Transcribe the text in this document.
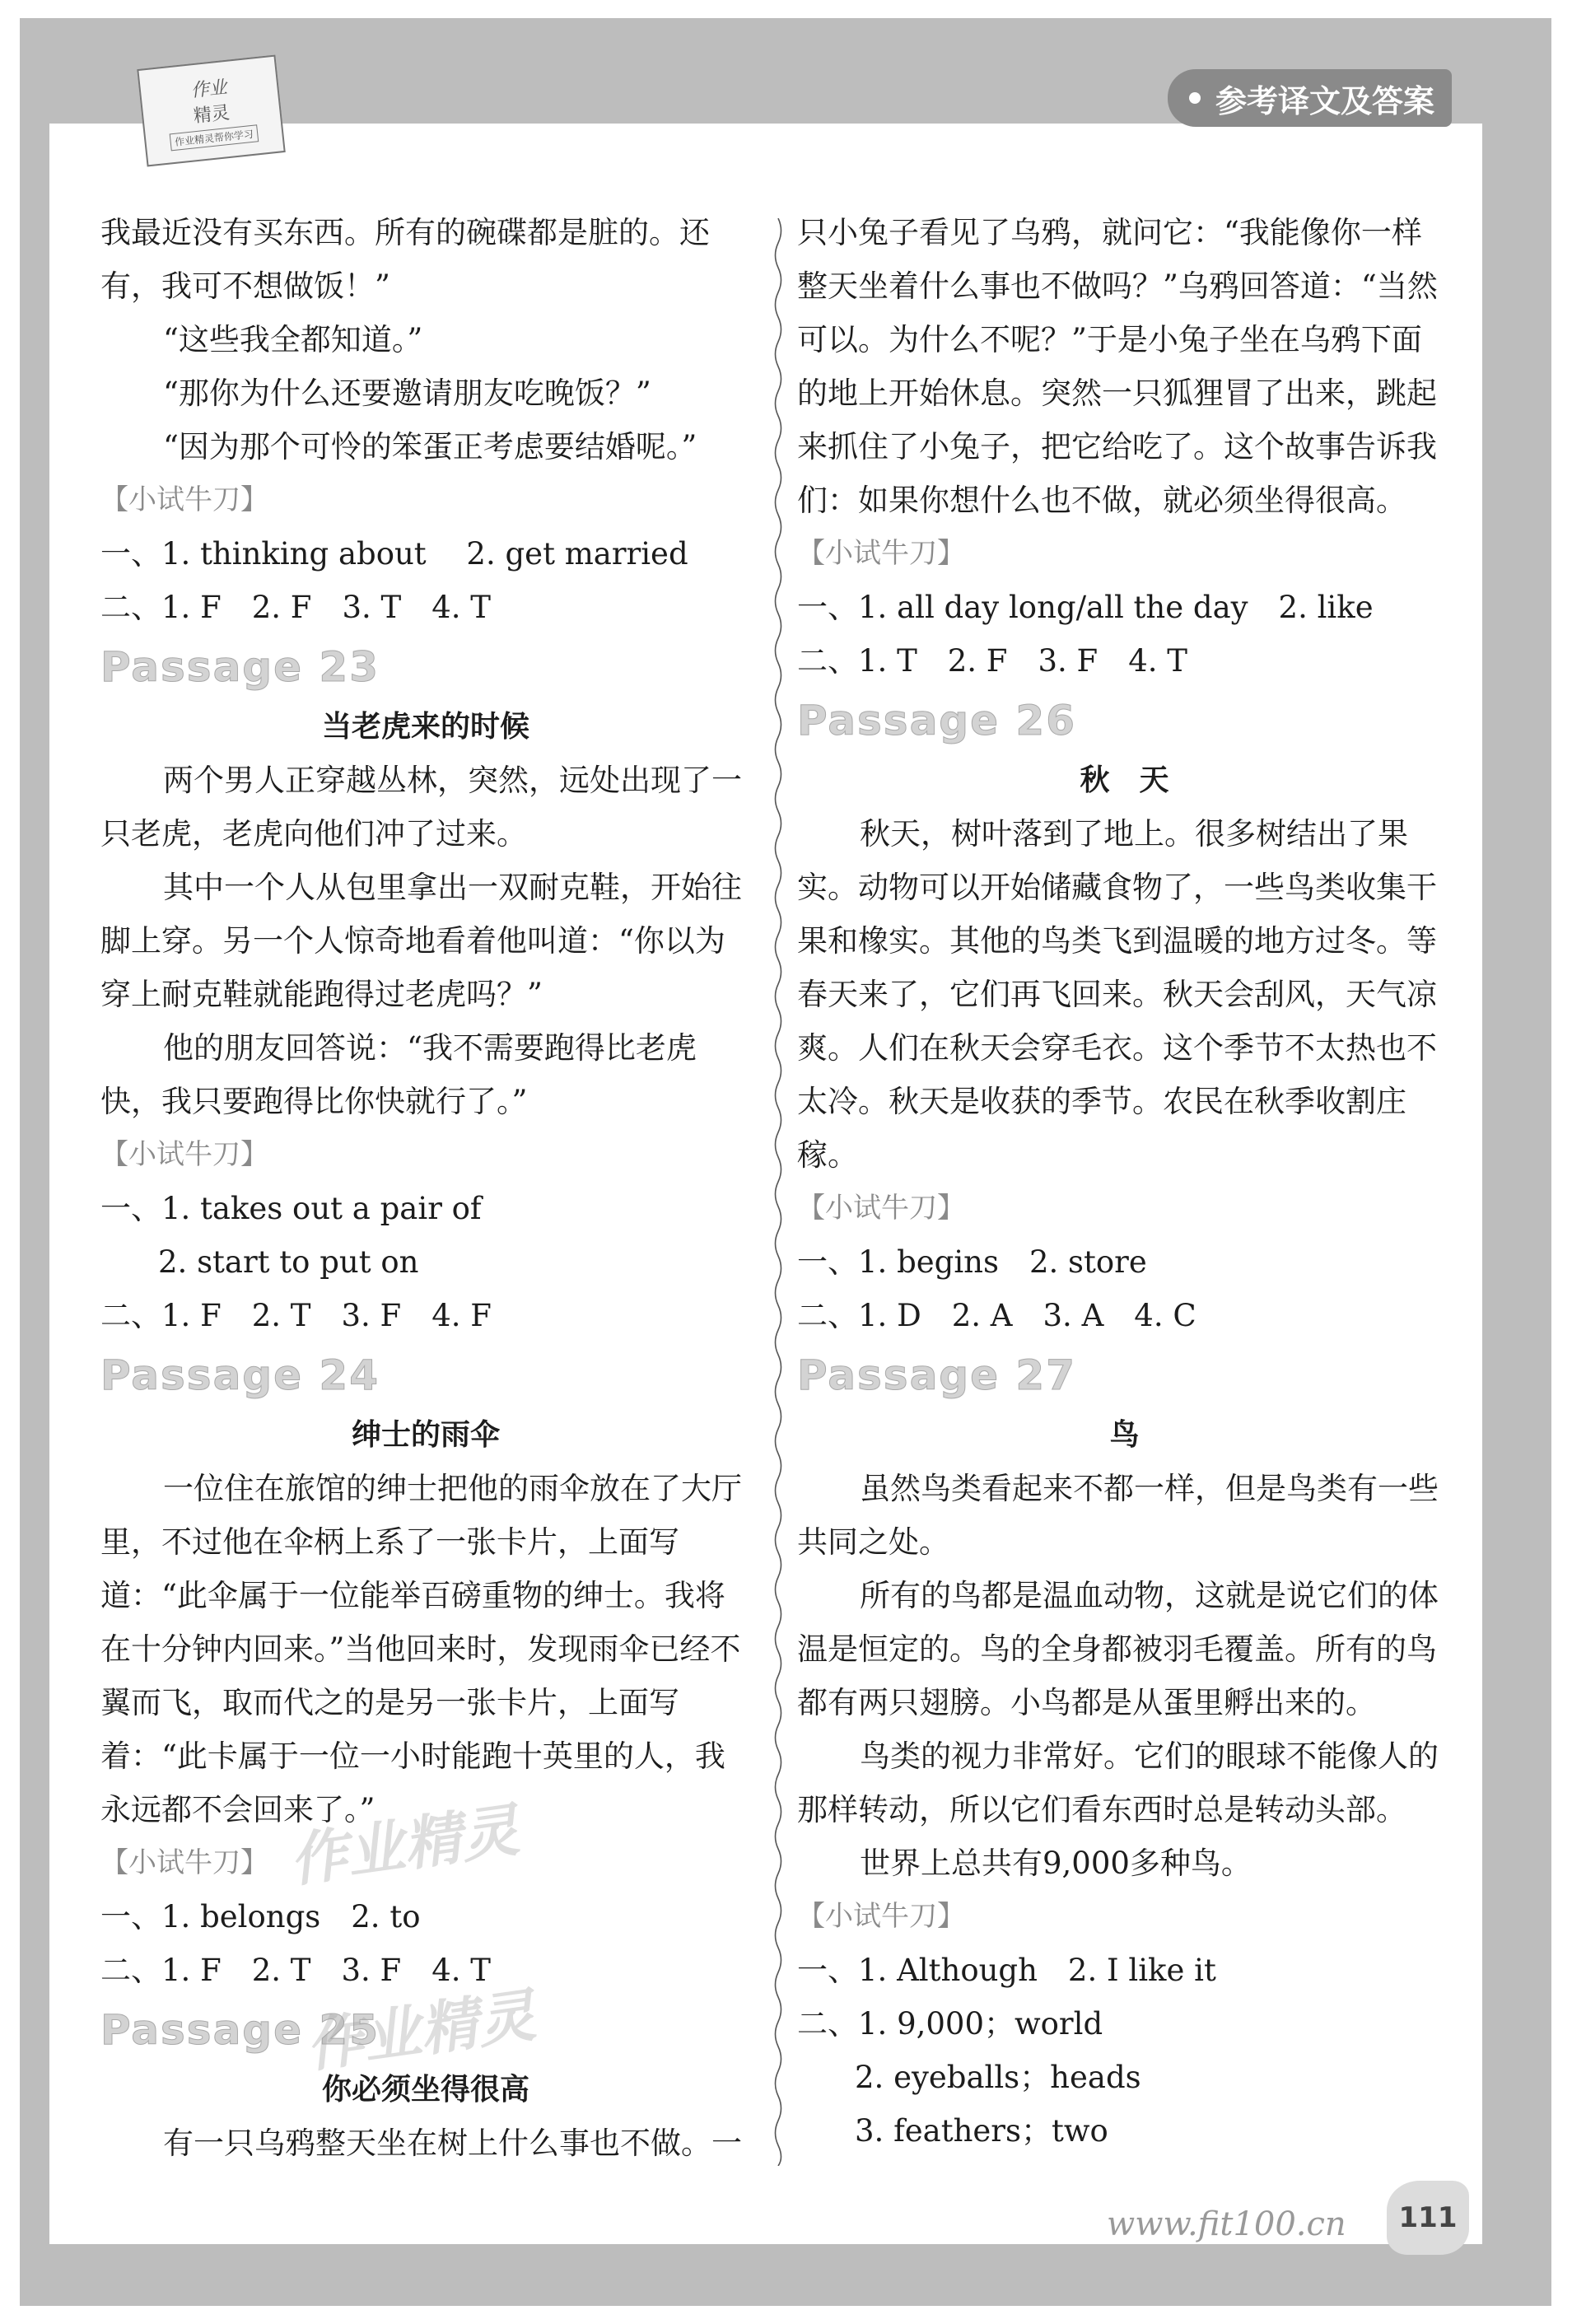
作业
精灵
作业精灵帮你学习
参考译文及答案

我最近没有买东西。所有的碗碟都是脏的。还有，我可不想做饭！”

“这些我全都知道。”

“那你为什么还要邀请朋友吃晚饭？”

“因为那个可怜的笨蛋正考虑要结婚呢。”

【小试牛刀】

一、1. thinking about　 2. get married

二、1. F　2. F　3. T　4. T

Passage 23

当老虎来的时候

两个男人正穿越丛林，突然，远处出现了一只老虎，老虎向他们冲了过来。

其中一个人从包里拿出一双耐克鞋，开始往脚上穿。另一个人惊奇地看着他叫道：“你以为穿上耐克鞋就能跑得过老虎吗？”

他的朋友回答说：“我不需要跑得比老虎快，我只要跑得比你快就行了。”

【小试牛刀】

一、1. takes out a pair of

2. start to put on

二、1. F　2. T　3. F　4. F

Passage 24

绅士的雨伞

一位住在旅馆的绅士把他的雨伞放在了大厅里，不过他在伞柄上系了一张卡片，上面写道：“此伞属于一位能举百磅重物的绅士。我将在十分钟内回来。”当他回来时，发现雨伞已经不翼而飞，取而代之的是另一张卡片，上面写着：“此卡属于一位一小时能跑十英里的人，我永远都不会回来了。”

【小试牛刀】

一、1. belongs　2. to

二、1. F　2. T　3. F　4. T

Passage 25

你必须坐得很高

有一只乌鸦整天坐在树上什么事也不做。一

只小兔子看见了乌鸦，就问它：“我能像你一样整天坐着什么事也不做吗？”乌鸦回答道：“当然可以。为什么不呢？”于是小兔子坐在乌鸦下面的地上开始休息。突然一只狐狸冒了出来，跳起来抓住了小兔子，把它给吃了。这个故事告诉我们：如果你想什么也不做，就必须坐得很高。

【小试牛刀】

一、1. all day long/all the day　2. like

二、1. T　2. F　3. F　4. T

Passage 26

秋　天

秋天，树叶落到了地上。很多树结出了果实。动物可以开始储藏食物了，一些鸟类收集干果和橡实。其他的鸟类飞到温暖的地方过冬。等春天来了，它们再飞回来。秋天会刮风，天气凉爽。人们在秋天会穿毛衣。这个季节不太热也不太冷。秋天是收获的季节。农民在秋季收割庄稼。

【小试牛刀】

一、1. begins　2. store

二、1. D　2. A　3. A　4. C

Passage 27

鸟

虽然鸟类看起来不都一样，但是鸟类有一些共同之处。

所有的鸟都是温血动物，这就是说它们的体温是恒定的。鸟的全身都被羽毛覆盖。所有的鸟都有两只翅膀。小鸟都是从蛋里孵出来的。

鸟类的视力非常好。它们的眼球不能像人的那样转动，所以它们看东西时总是转动头部。

世界上总共有9,000多种鸟。

【小试牛刀】

一、1. Although　2. I like it

二、1. 9,000；world

2. eyeballs；heads

3. feathers；two

作业精灵
作业精灵
www.fit100.cn	111
